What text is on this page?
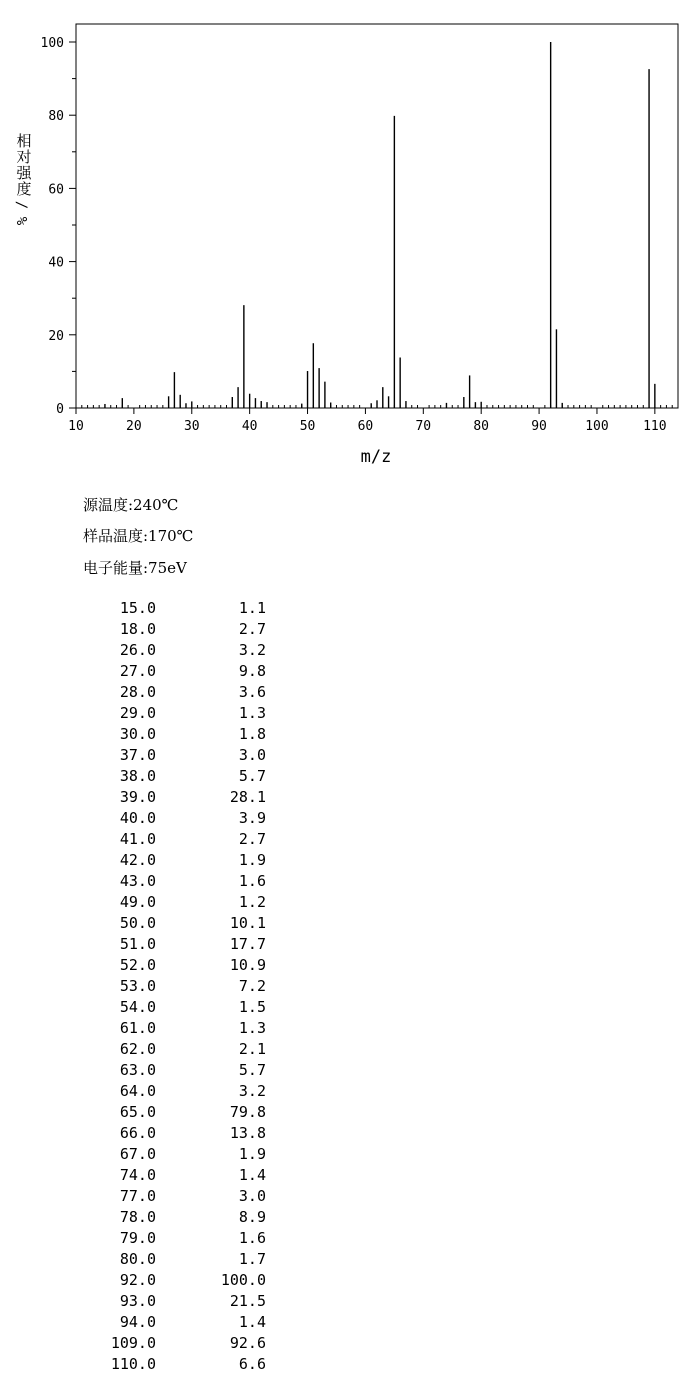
10	20	30	40	50	60	70	80	90	100	110
0
20
40
60
80
100
m/z
相
对
强
度
/
%
源温度:240℃
样品温度:170℃
电子能量:75eV
15.0	1.1
18.0	2.7
26.0	3.2
27.0	9.8
28.0	3.6
29.0	1.3
30.0	1.8
37.0	3.0
38.0	5.7
39.0	28.1
40.0	3.9
41.0	2.7
42.0	1.9
43.0	1.6
49.0	1.2
50.0	10.1
51.0	17.7
52.0	10.9
53.0	7.2
54.0	1.5
61.0	1.3
62.0	2.1
63.0	5.7
64.0	3.2
65.0	79.8
66.0	13.8
67.0	1.9
74.0	1.4
77.0	3.0
78.0	8.9
79.0	1.6
80.0	1.7
92.0	100.0
93.0	21.5
94.0	1.4
109.0	92.6
110.0	6.6
